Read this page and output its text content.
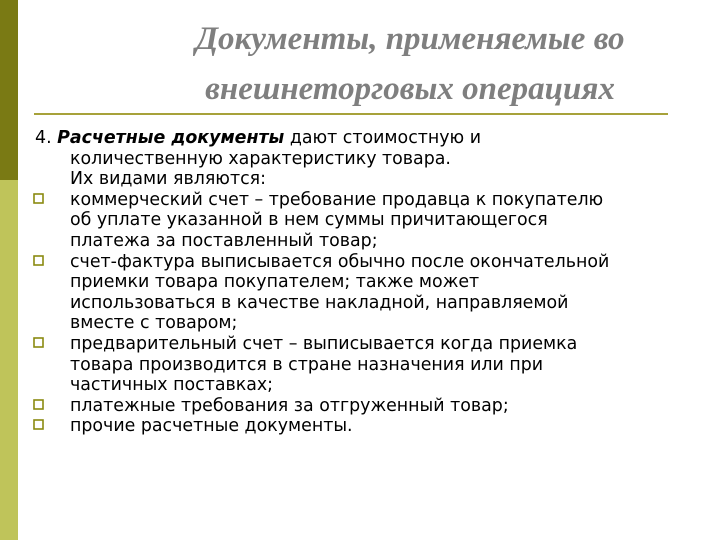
Документы, применяемые во
внешнеторговых операциях
4. Расчетные документы дают стоимостную и
количественную характеристику товара.
Их видами являются:
коммерческий счет – требование продавца к покупателю
об уплате указанной в нем суммы причитающегося
платежа за поставленный товар;
счет-фактура выписывается обычно после окончательной
приемки товара покупателем; также может
использоваться в качестве накладной, направляемой
вместе с товаром;
предварительный счет – выписывается когда приемка
товара производится в стране назначения или при
частичных поставках;
платежные требования за отгруженный товар;
прочие расчетные документы.
